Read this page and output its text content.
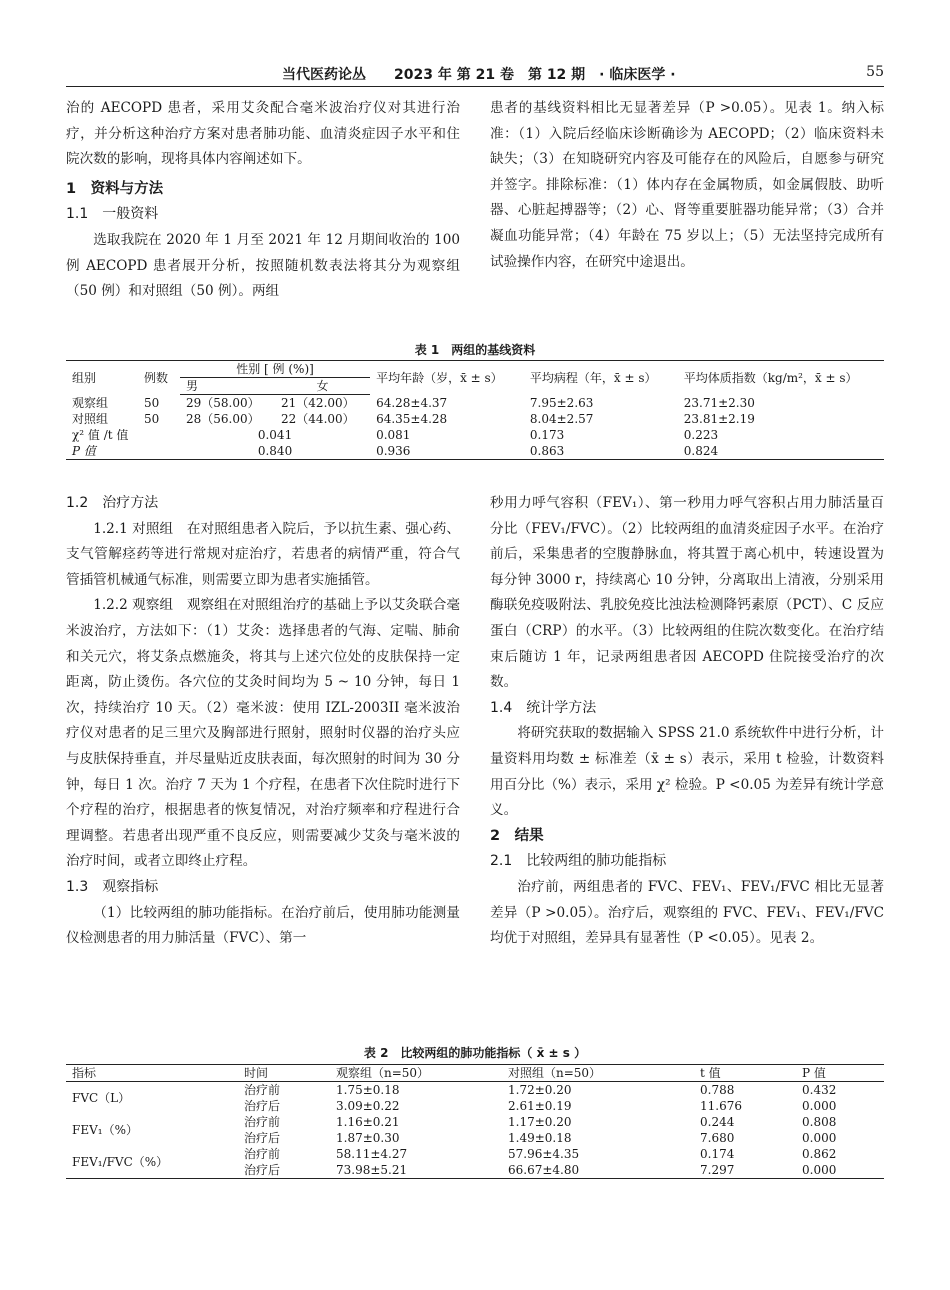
当代医药论丛　　2023 年 第 21 卷　第 12 期　· 临床医学 ·	55

治的 AECOPD 患者，采用艾灸配合毫米波治疗仪对其进行治疗，并分析这种治疗方案对患者肺功能、血清炎症因子水平和住院次数的影响，现将具体内容阐述如下。

1　资料与方法

1.1　一般资料

选取我院在 2020 年 1 月至 2021 年 12 月期间收治的 100 例 AECOPD 患者展开分析，按照随机数表法将其分为观察组（50 例）和对照组（50 例）。两组

患者的基线资料相比无显著差异（P >0.05）。见表 1。纳入标准：（1）入院后经临床诊断确诊为 AECOPD；（2）临床资料未缺失；（3）在知晓研究内容及可能存在的风险后，自愿参与研究并签字。排除标准：（1）体内存在金属物质，如金属假肢、助听器、心脏起搏器等；（2）心、肾等重要脏器功能异常；（3）合并凝血功能异常；（4）年龄在 75 岁以上；（5）无法坚持完成所有试验操作内容，在研究中途退出。

表 1　两组的基线资料
组别	例数	性别 [ 例 (%)]		平均年龄（岁，x̄ ± s）	平均病程（年，x̄ ± s）	平均体质指数（kg/m²，x̄ ± s）
		男	女			
观察组	50	29（58.00）	21（42.00）	64.28±4.37	7.95±2.63	23.71±2.30
对照组	50	28（56.00）	22（44.00）	64.35±4.28	8.04±2.57	23.81±2.19
χ² 值 /t 值		0.041		0.081	0.173	0.223
P 值		0.840		0.936	0.863	0.824

1.2　治疗方法

1.2.1 对照组　在对照组患者入院后，予以抗生素、强心药、支气管解痉药等进行常规对症治疗，若患者的病情严重，符合气管插管机械通气标准，则需要立即为患者实施插管。

1.2.2 观察组　观察组在对照组治疗的基础上予以艾灸联合毫米波治疗，方法如下：（1）艾灸：选择患者的气海、定喘、肺俞和关元穴，将艾条点燃施灸，将其与上述穴位处的皮肤保持一定距离，防止烫伤。各穴位的艾灸时间均为 5 ~ 10 分钟，每日 1 次，持续治疗 10 天。（2）毫米波：使用 IZL-2003II 毫米波治疗仪对患者的足三里穴及胸部进行照射，照射时仪器的治疗头应与皮肤保持垂直，并尽量贴近皮肤表面，每次照射的时间为 30 分钟，每日 1 次。治疗 7 天为 1 个疗程，在患者下次住院时进行下个疗程的治疗，根据患者的恢复情况，对治疗频率和疗程进行合理调整。若患者出现严重不良反应，则需要减少艾灸与毫米波的治疗时间，或者立即终止疗程。

1.3　观察指标

（1）比较两组的肺功能指标。在治疗前后，使用肺功能测量仪检测患者的用力肺活量（FVC）、第一

秒用力呼气容积（FEV₁）、第一秒用力呼气容积占用力肺活量百分比（FEV₁/FVC）。（2）比较两组的血清炎症因子水平。在治疗前后，采集患者的空腹静脉血，将其置于离心机中，转速设置为每分钟 3000 r，持续离心 10 分钟，分离取出上清液，分别采用酶联免疫吸附法、乳胶免疫比浊法检测降钙素原（PCT）、C 反应蛋白（CRP）的水平。（3）比较两组的住院次数变化。在治疗结束后随访 1 年，记录两组患者因 AECOPD 住院接受治疗的次数。

1.4　统计学方法

将研究获取的数据输入 SPSS 21.0 系统软件中进行分析，计量资料用均数 ± 标准差（x̄ ± s）表示，采用 t 检验，计数资料用百分比（%）表示，采用 χ² 检验。P <0.05 为差异有统计学意义。

2　结果

2.1　比较两组的肺功能指标

治疗前，两组患者的 FVC、FEV₁、FEV₁/FVC 相比无显著差异（P >0.05）。治疗后，观察组的 FVC、FEV₁、FEV₁/FVC 均优于对照组，差异具有显著性（P <0.05）。见表 2。

表 2　比较两组的肺功能指标（ x̄ ± s ）
指标	时间	观察组（n=50）	对照组（n=50）	t 值	P 值
FVC（L）	治疗前	1.75±0.18	1.72±0.20	0.788	0.432
	治疗后	3.09±0.22	2.61±0.19	11.676	0.000
FEV₁（%）	治疗前	1.16±0.21	1.17±0.20	0.244	0.808
	治疗后	1.87±0.30	1.49±0.18	7.680	0.000
FEV₁/FVC（%）	治疗前	58.11±4.27	57.96±4.35	0.174	0.862
	治疗后	73.98±5.21	66.67±4.80	7.297	0.000
